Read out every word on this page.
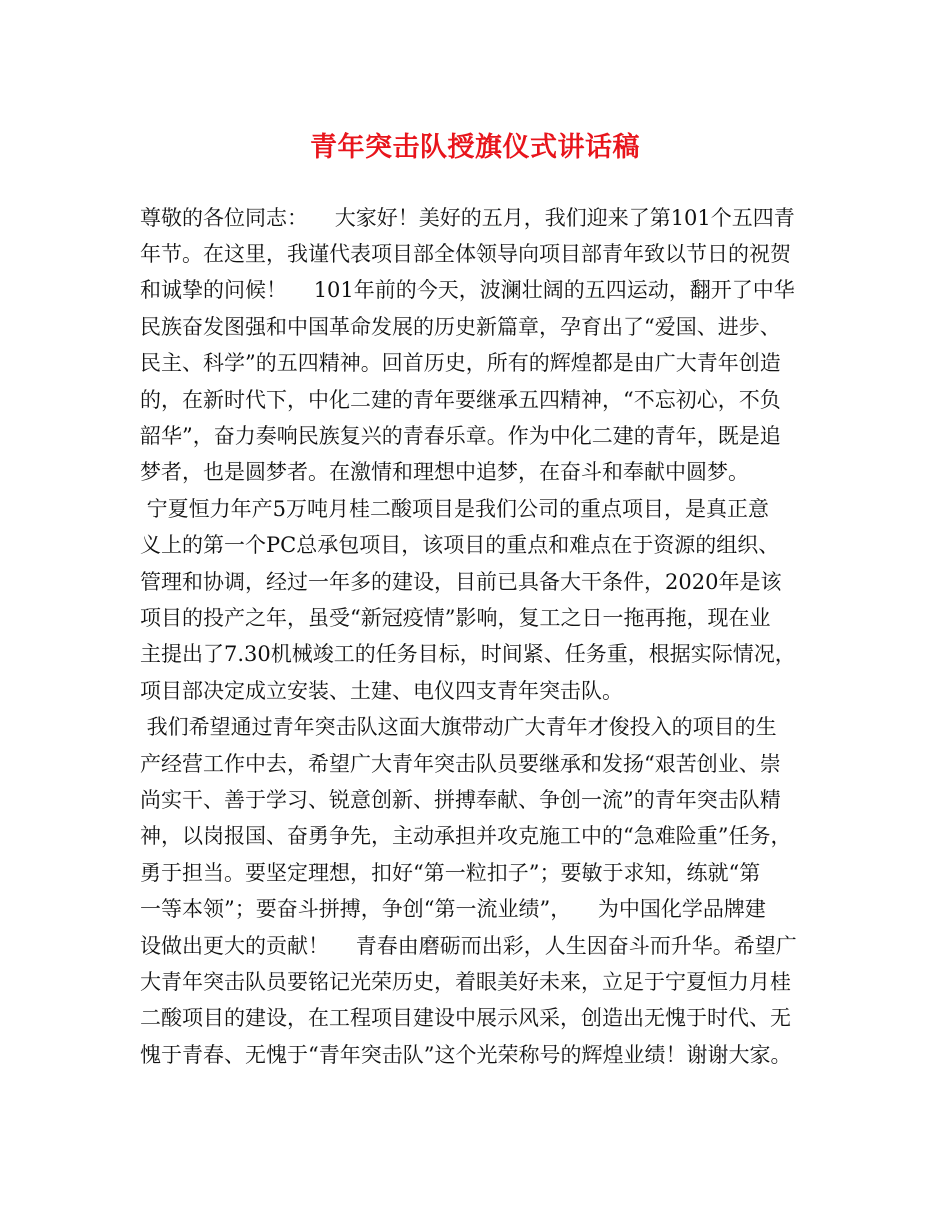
青年突击队授旗仪式讲话稿
尊敬的各位同志：    大家好！美好的五月，我们迎来了第101个五四青
年节。在这里，我谨代表项目部全体领导向项目部青年致以节日的祝贺
和诚挚的问候！    101年前的今天，波澜壮阔的五四运动，翻开了中华
民族奋发图强和中国革命发展的历史新篇章，孕育出了“爱国、进步、
民主、科学”的五四精神。回首历史，所有的辉煌都是由广大青年创造
的，在新时代下，中化二建的青年要继承五四精神，“不忘初心，不负
韶华”，奋力奏响民族复兴的青春乐章。作为中化二建的青年，既是追
梦者，也是圆梦者。在激情和理想中追梦，在奋斗和奉献中圆梦。
宁夏恒力年产5万吨月桂二酸项目是我们公司的重点项目，是真正意
义上的第一个PC总承包项目，该项目的重点和难点在于资源的组织、
管理和协调，经过一年多的建设，目前已具备大干条件，2020年是该
项目的投产之年，虽受“新冠疫情”影响，复工之日一拖再拖，现在业
主提出了7.30机械竣工的任务目标，时间紧、任务重，根据实际情况，
项目部决定成立安装、土建、电仪四支青年突击队。
我们希望通过青年突击队这面大旗带动广大青年才俊投入的项目的生
产经营工作中去，希望广大青年突击队员要继承和发扬“艰苦创业、崇
尚实干、善于学习、锐意创新、拼搏奉献、争创一流”的青年突击队精
神，以岗报国、奋勇争先，主动承担并攻克施工中的“急难险重”任务，
勇于担当。要坚定理想，扣好“第一粒扣子”；要敏于求知，练就“第
一等本领”；要奋斗拼搏，争创“第一流业绩”，    为中国化学品牌建
设做出更大的贡献！    青春由磨砺而出彩，人生因奋斗而升华。希望广
大青年突击队员要铭记光荣历史，着眼美好未来，立足于宁夏恒力月桂
二酸项目的建设，在工程项目建设中展示风采，创造出无愧于时代、无
愧于青春、无愧于“青年突击队”这个光荣称号的辉煌业绩！谢谢大家。
